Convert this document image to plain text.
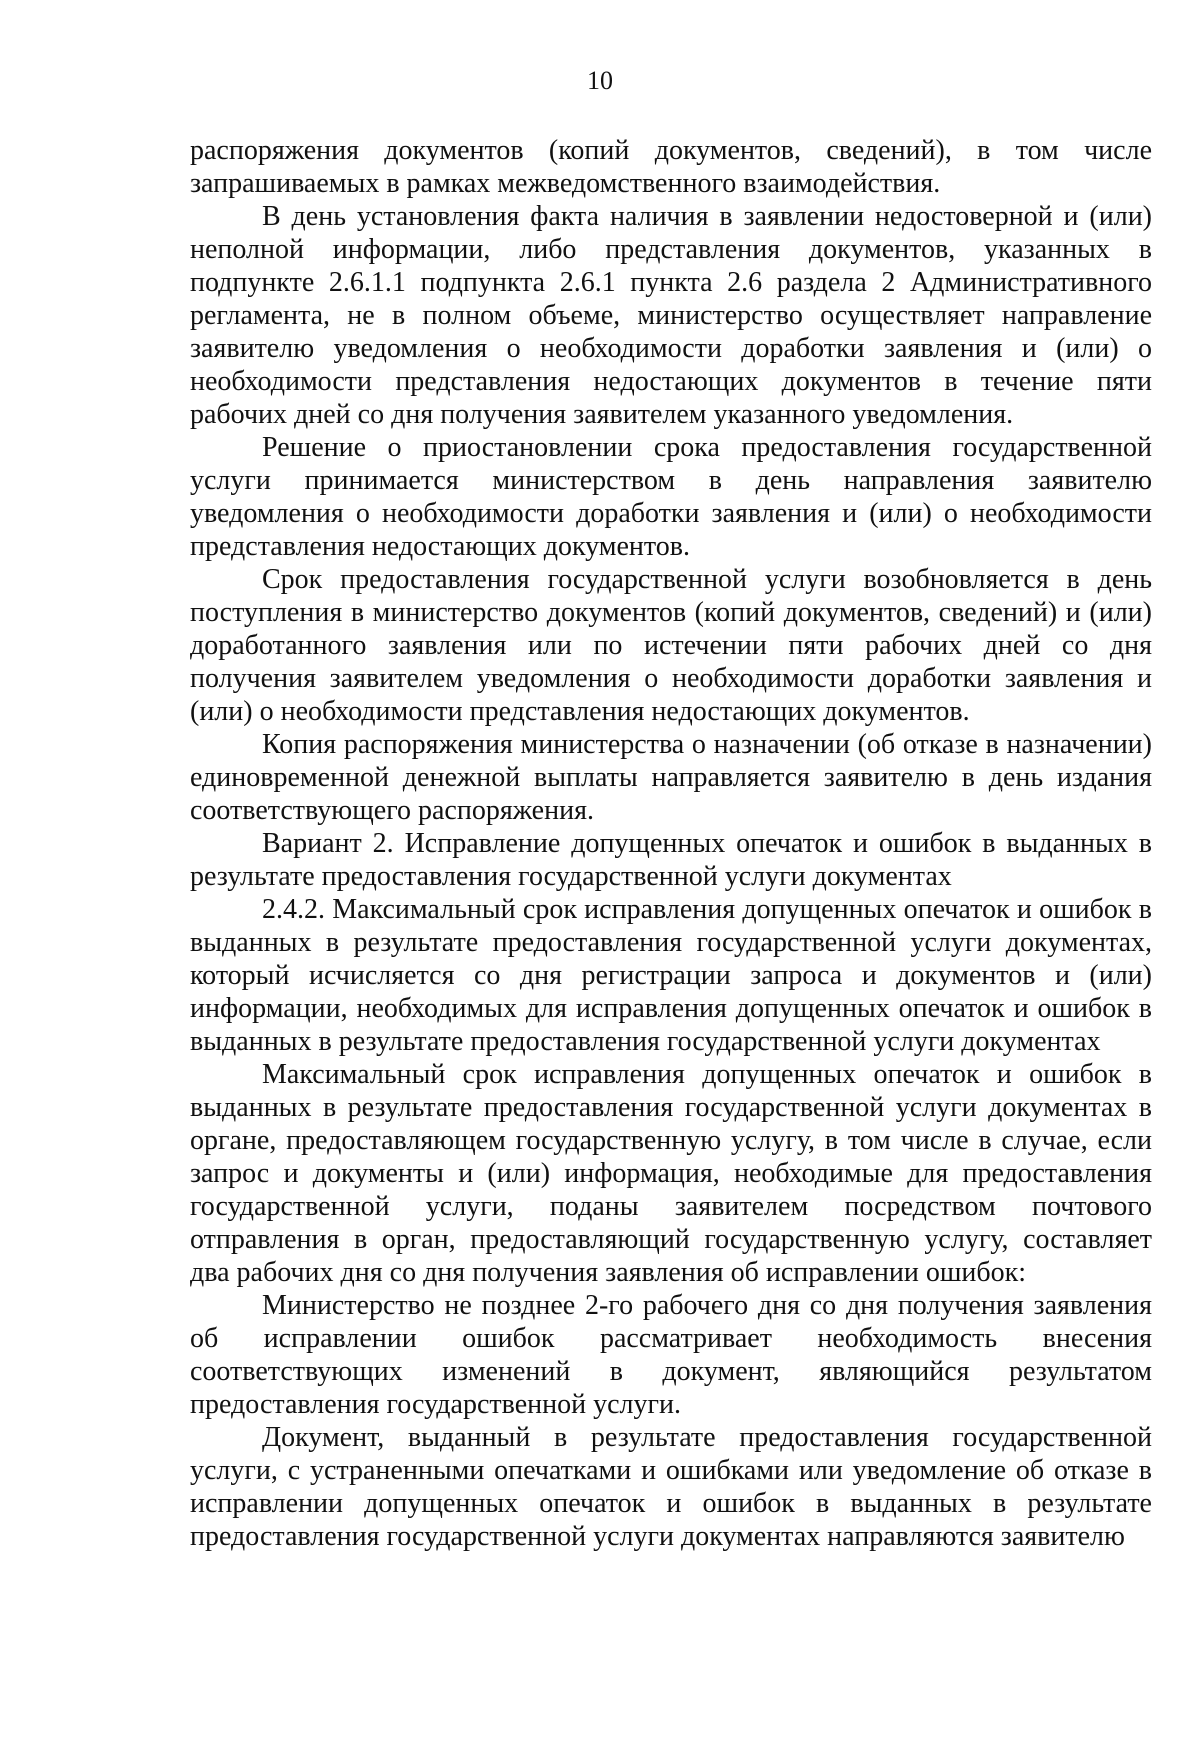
10

распоряжения документов (копий документов, сведений), в том числе запрашиваемых в рамках межведомственного взаимодействия.

В день установления факта наличия в заявлении недостоверной и (или) неполной информации, либо представления документов, указанных в подпункте 2.6.1.1 подпункта 2.6.1 пункта 2.6 раздела 2 Административного регламента, не в полном объеме, министерство осуществляет направление заявителю уведомления о необходимости доработки заявления и (или) о необходимости представления недостающих документов в течение пяти рабочих дней со дня получения заявителем указанного уведомления.

Решение о приостановлении срока предоставления государственной услуги принимается министерством в день направления заявителю уведомления о необходимости доработки заявления и (или) о необходимости представления недостающих документов.

Срок предоставления государственной услуги возобновляется в день поступления в министерство документов (копий документов, сведений) и (или) доработанного заявления или по истечении пяти рабочих дней со дня получения заявителем уведомления о необходимости доработки заявления и (или) о необходимости представления недостающих документов.

Копия распоряжения министерства о назначении (об отказе в назначении) единовременной денежной выплаты направляется заявителю в день издания соответствующего распоряжения.

Вариант 2. Исправление допущенных опечаток и ошибок в выданных в результате предоставления государственной услуги документах

2.4.2. Максимальный срок исправления допущенных опечаток и ошибок в выданных в результате предоставления государственной услуги документах, который исчисляется со дня регистрации запроса и документов и (или) информации, необходимых для исправления допущенных опечаток и ошибок в выданных в результате предоставления государственной услуги документах

Максимальный срок исправления допущенных опечаток и ошибок в выданных в результате предоставления государственной услуги документах в органе, предоставляющем государственную услугу, в том числе в случае, если запрос и документы и (или) информация, необходимые для предоставления государственной услуги, поданы заявителем посредством почтового отправления в орган, предоставляющий государственную услугу, составляет два рабочих дня со дня получения заявления об исправлении ошибок:

Министерство не позднее 2-го рабочего дня со дня получения заявления об исправлении ошибок рассматривает необходимость внесения соответствующих изменений в документ, являющийся результатом предоставления государственной услуги.

Документ, выданный в результате предоставления государственной услуги, с устраненными опечатками и ошибками или уведомление об отказе в исправлении допущенных опечаток и ошибок в выданных в результате предоставления государственной услуги документах направляются заявителю
